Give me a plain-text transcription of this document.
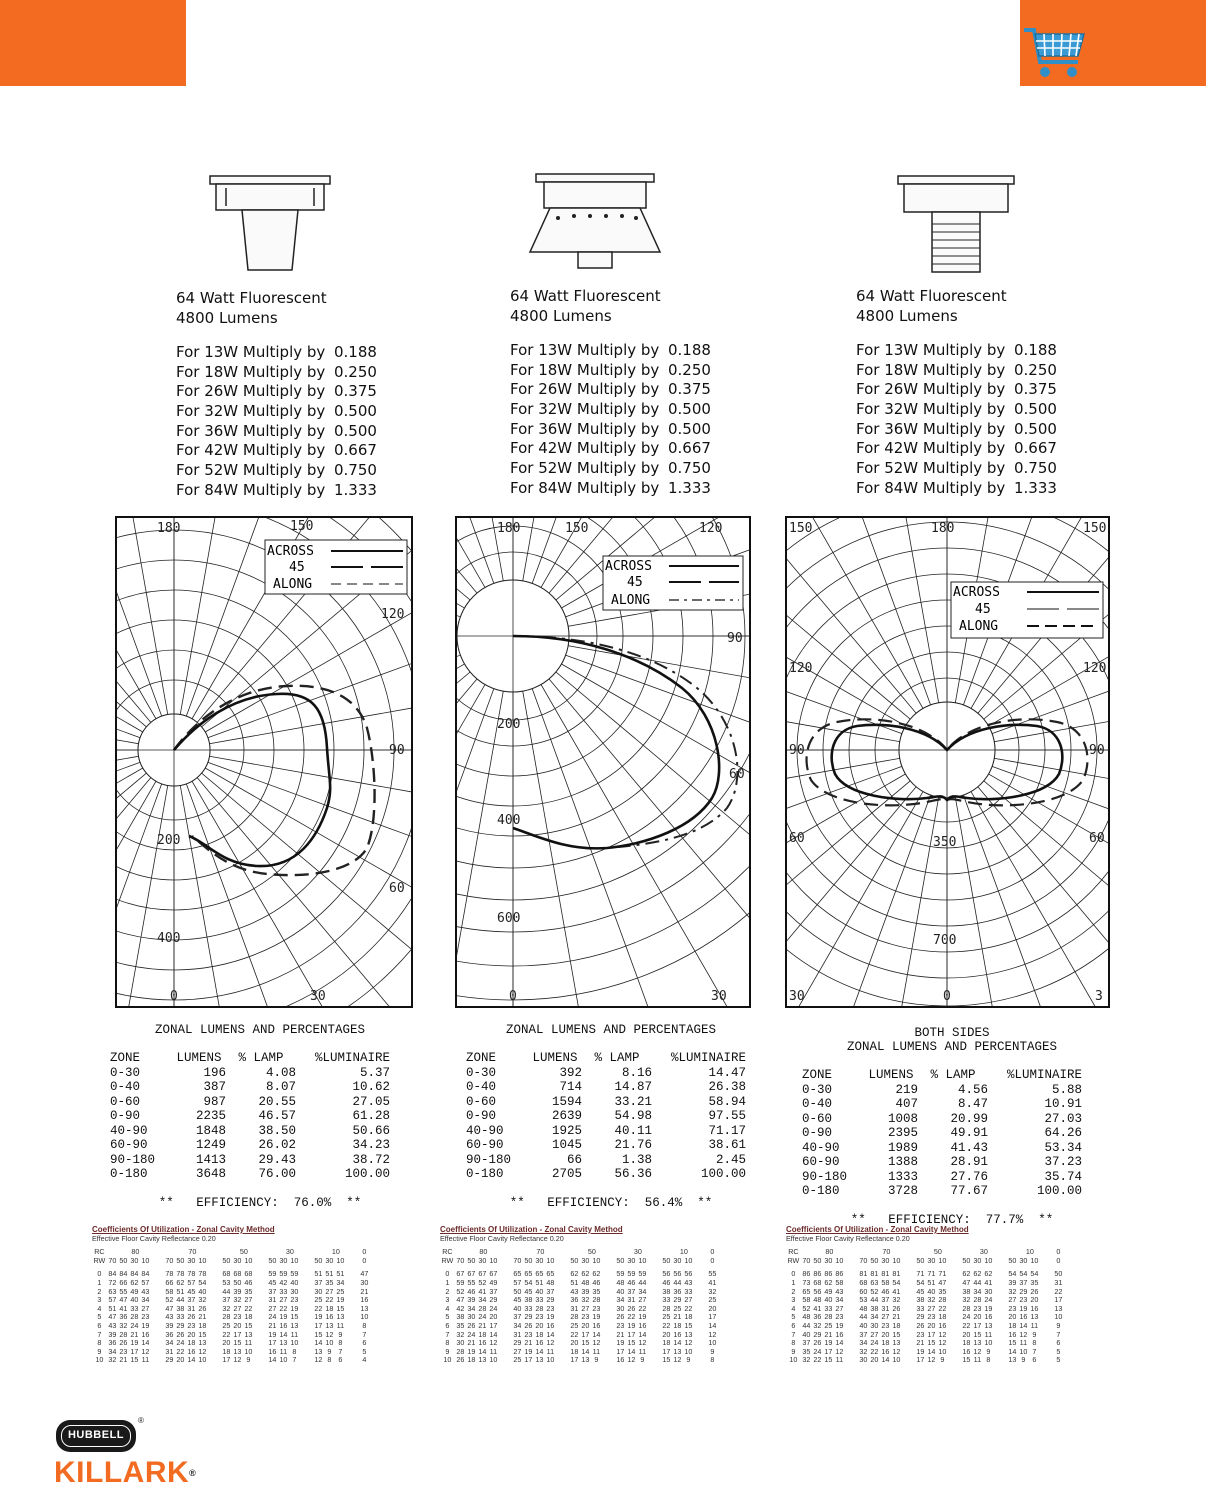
64 Watt Fluorescent
4800 Lumens
For 13W Multiply by 0.188
For 18W Multiply by 0.250
For 26W Multiply by 0.375
For 32W Multiply by 0.500
For 36W Multiply by 0.500
For 42W Multiply by 0.667
For 52W Multiply by 0.750
For 84W Multiply by 1.333
64 Watt Fluorescent
4800 Lumens
For 13W Multiply by 0.188
For 18W Multiply by 0.250
For 26W Multiply by 0.375
For 32W Multiply by 0.500
For 36W Multiply by 0.500
For 42W Multiply by 0.667
For 52W Multiply by 0.750
For 84W Multiply by 1.333
64 Watt Fluorescent
4800 Lumens
For 13W Multiply by 0.188
For 18W Multiply by 0.250
For 26W Multiply by 0.375
For 32W Multiply by 0.500
For 36W Multiply by 0.500
For 42W Multiply by 0.667
For 52W Multiply by 0.750
For 84W Multiply by 1.333
180	150
120
90
60
30
0
200
400
ACROSS
45
ALONG
180	150	120
90
60
30
0
200
400
600
ACROSS
45
ALONG
150	180	150
120	120
90	90
60	60
30	0	3
350
700
ACROSS
45
ALONG
ZONAL LUMENS AND PERCENTAGES
ZONE	LUMENS	% LAMP	%LUMINAIRE
0-30	196	4.08	5.37
0-40	387	8.07	10.62
0-60	987	20.55	27.05
0-90	2235	46.57	61.28
40-90	1848	38.50	50.66
60-90	1249	26.02	34.23
90-180	1413	29.43	38.72
0-180	3648	76.00	100.00
**   EFFICIENCY:  76.0%  **
ZONAL LUMENS AND PERCENTAGES
ZONE	LUMENS	% LAMP	%LUMINAIRE
0-30	392	8.16	14.47
0-40	714	14.87	26.38
0-60	1594	33.21	58.94
0-90	2639	54.98	97.55
40-90	1925	40.11	71.17
60-90	1045	21.76	38.61
90-180	66	1.38	2.45
0-180	2705	56.36	100.00
**   EFFICIENCY:  56.4%  **
BOTH SIDES
ZONAL LUMENS AND PERCENTAGES
ZONE	LUMENS	% LAMP	%LUMINAIRE
0-30	219	4.56	5.88
0-40	407	8.47	10.91
0-60	1008	20.99	27.03
0-90	2395	49.91	64.26
40-90	1989	41.43	53.34
60-90	1388	28.91	37.23
90-180	1333	27.76	35.74
0-180	3728	77.67	100.00
**   EFFICIENCY:  77.7%  **
Coefficients Of Utilization - Zonal Cavity Method
Effective Floor Cavity Reflectance 0.20
RC	80					70					50				30				10				0
RW	70	50	30	10		70	50	30	10		50	30	10		50	30	10		50	30	10		0

0	84	84	84	84		78	78	78	78		68	68	68		59	59	59		51	51	51		47
1	72	66	62	57		66	62	57	54		53	50	46		45	42	40		37	35	34		30
2	63	55	49	43		58	51	45	40		44	39	35		37	33	30		30	27	25		21
3	57	47	40	34		52	44	37	32		37	32	27		31	27	23		25	22	19		16
4	51	41	33	27		47	38	31	26		32	27	22		27	22	19		22	18	15		13
5	47	36	28	23		43	33	26	21		28	23	18		24	19	15		19	16	13		10
6	43	32	24	19		39	29	23	18		25	20	15		21	16	13		17	13	11		8
7	39	28	21	16		36	26	20	15		22	17	13		19	14	11		15	12	9		7
8	36	26	19	14		34	24	18	13		20	15	11		17	13	10		14	10	8		6
9	34	23	17	12		31	22	16	12		18	13	10		16	11	8		13	9	7		5
10	32	21	15	11		29	20	14	10		17	12	9		14	10	7		12	8	6		4
Coefficients Of Utilization - Zonal Cavity Method
Effective Floor Cavity Reflectance 0.20
RC	80					70					50				30				10				0
RW	70	50	30	10		70	50	30	10		50	30	10		50	30	10		50	30	10		0

0	67	67	67	67		65	65	65	65		62	62	62		59	59	59		56	56	56		55
1	59	55	52	49		57	54	51	48		51	48	46		48	46	44		46	44	43		41
2	52	46	41	37		50	45	40	37		43	39	35		40	37	34		38	36	33		32
3	47	39	34	29		45	38	33	29		36	32	28		34	31	27		33	29	27		25
4	42	34	28	24		40	33	28	23		31	27	23		30	26	22		28	25	22		20
5	38	30	24	20		37	29	23	19		28	23	19		26	22	19		25	21	18		17
6	35	26	21	17		34	26	20	16		25	20	16		23	19	16		22	18	15		14
7	32	24	18	14		31	23	18	14		22	17	14		21	17	14		20	16	13		12
8	30	21	16	12		29	21	16	12		20	15	12		19	15	12		18	14	12		10
9	28	19	14	11		27	19	14	11		18	14	11		17	14	11		17	13	10		9
10	26	18	13	10		25	17	13	10		17	13	9		16	12	9		15	12	9		8
Coefficients Of Utilization - Zonal Cavity Method
Effective Floor Cavity Reflectance 0.20
RC	80					70					50				30				10				0
RW	70	50	30	10		70	50	30	10		50	30	10		50	30	10		50	30	10		0

0	86	86	86	86		81	81	81	81		71	71	71		62	62	62		54	54	54		50
1	73	68	62	58		68	63	58	54		54	51	47		47	44	41		39	37	35		31
2	65	56	49	43		60	52	46	41		45	40	35		38	34	30		32	29	26		22
3	58	48	40	34		53	44	37	32		38	32	28		32	28	24		27	23	20		17
4	52	41	33	27		48	38	31	26		33	27	22		28	23	19		23	19	16		13
5	48	36	28	23		44	34	27	21		29	23	18		24	20	16		20	16	13		10
6	44	32	25	19		40	30	23	18		26	20	16		22	17	13		18	14	11		9
7	40	29	21	16		37	27	20	15		23	17	12		20	15	11		16	12	9		7
8	37	26	19	14		34	24	18	13		21	15	12		18	13	10		15	11	8		6
9	35	24	17	12		32	22	16	12		19	14	10		16	12	9		14	10	7		5
10	32	22	15	11		30	20	14	10		17	12	9		15	11	8		13	9	6		5
HUBBELL
®
KILLARK®
